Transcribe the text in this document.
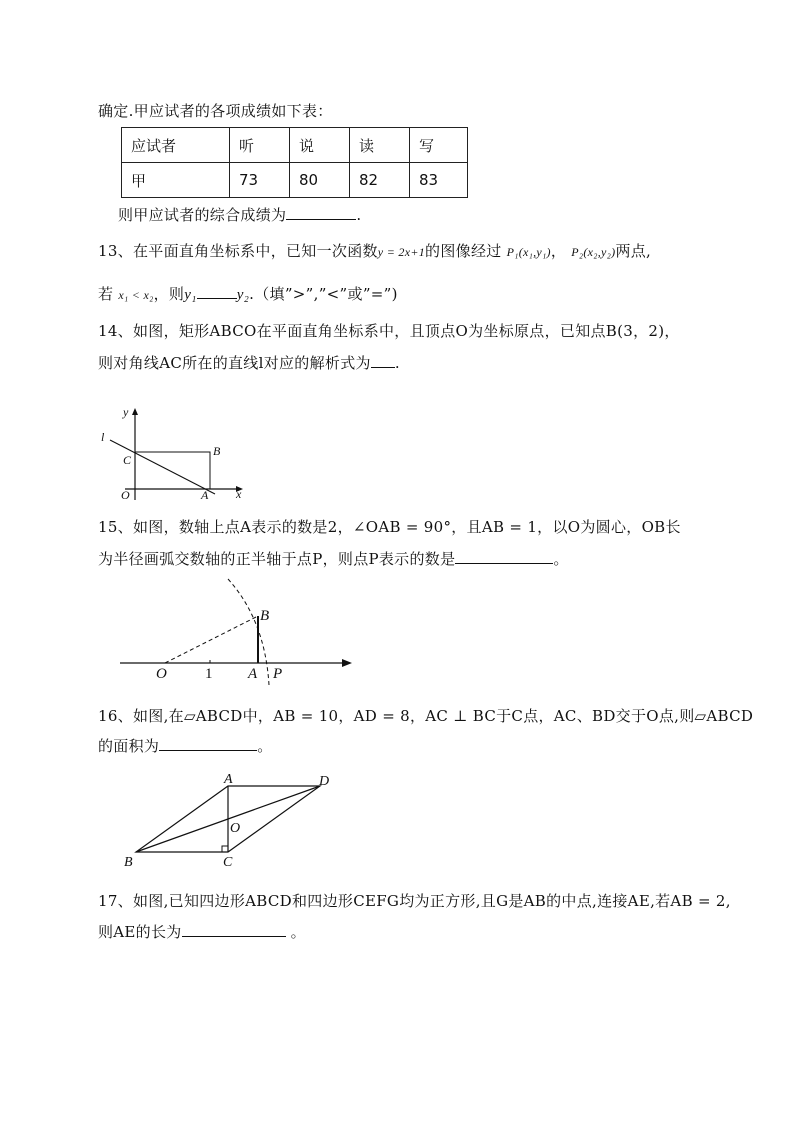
确定.甲应试者的各项成绩如下表：
应试者	听	说	读	写
甲	73	80	82	83
则甲应试者的综合成绩为	.
13、在平面直角坐标系中，已知一次函数y = 2x+1的图像经过 P₁(x₁,y₁)， P₂(x₂,y₂)两点,
若 x₁ < x₂，则y₁	y₂.（填”>”,”<”或”=”)
14、如图，矩形ABCO在平面直角坐标系中，且顶点O为坐标原点，已知点B(3，2)，
则对角线AC所在的直线l对应的解析式为 .
y
x
l
B
C
O	A
15、如图，数轴上点A表示的数是2，∠OAB = 90°，且AB = 1，以O为圆心，OB长
为半径画弧交数轴的正半轴于点P，则点P表示的数是	。
O	1 A P
B
16、如图,在▱ABCD中，AB = 10，AD = 8，AC ⊥ BC于C点，AC、BD交于O点,则▱ABCD
的面积为	。
A	D
O
B	C
17、如图,已知四边形ABCD和四边形CEFG均为正方形,且G是AB的中点,连接AE,若AB = 2,
则AE的长为	。
